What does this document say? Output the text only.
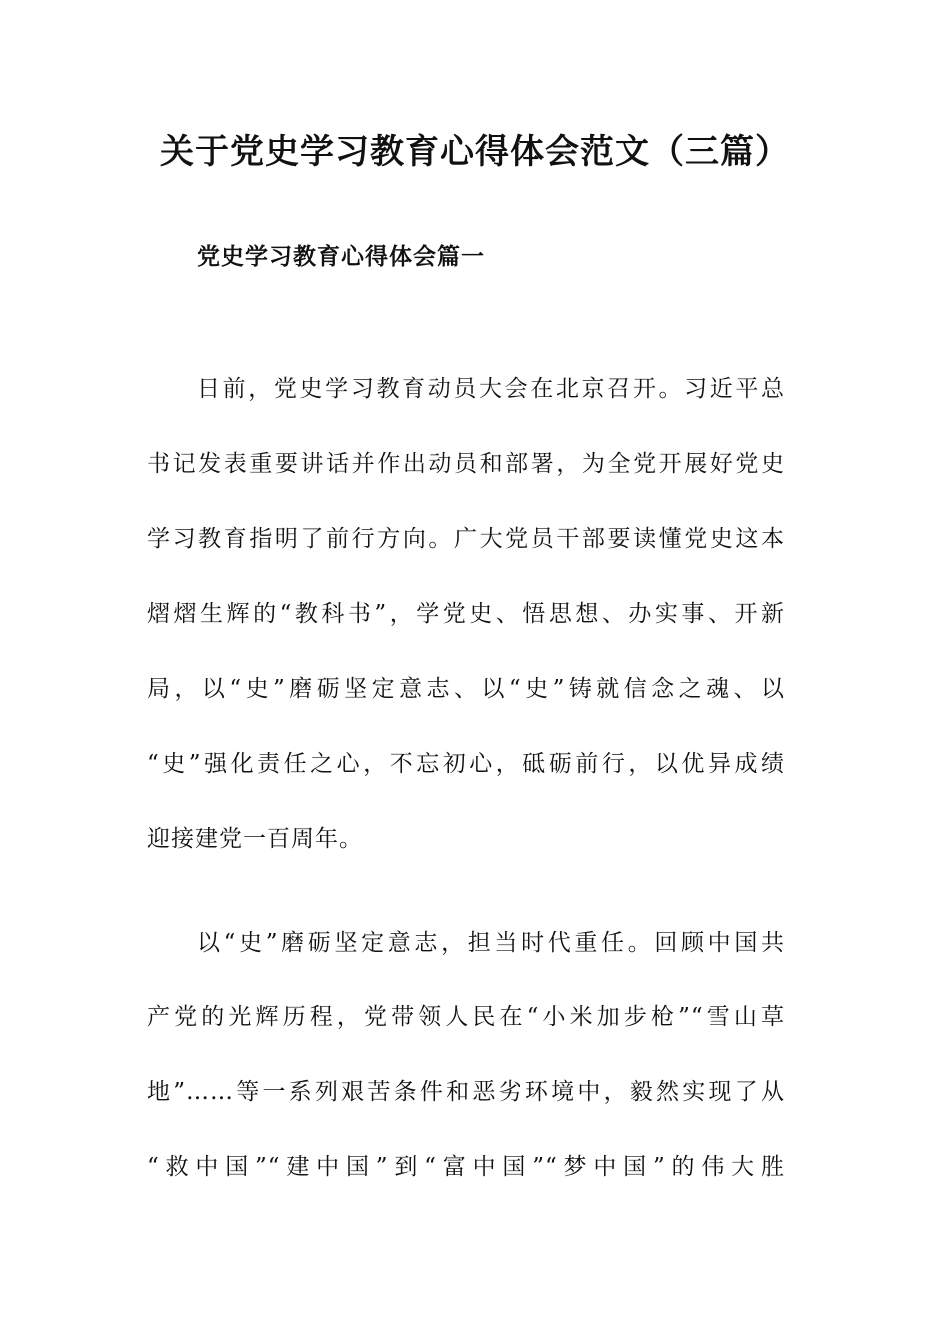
关于党史学习教育心得体会范文（三篇）
党史学习教育心得体会篇一

日前，党史学习教育动员大会在北京召开。习近平总

书记发表重要讲话并作出动员和部署，为全党开展好党史

学习教育指明了前行方向。广大党员干部要读懂党史这本

熠熠生辉的“教科书”，学党史、悟思想、办实事、开新

局，以“史”磨砺坚定意志、以“史”铸就信念之魂、以

“史”强化责任之心，不忘初心，砥砺前行，以优异成绩

迎接建党一百周年。

以“史”磨砺坚定意志，担当时代重任。回顾中国共

产党的光辉历程，党带领人民在“小米加步枪”“雪山草

地”……等一系列艰苦条件和恶劣环境中，毅然实现了从

“救中国”“建中国”到“富中国”“梦中国”的伟大胜
